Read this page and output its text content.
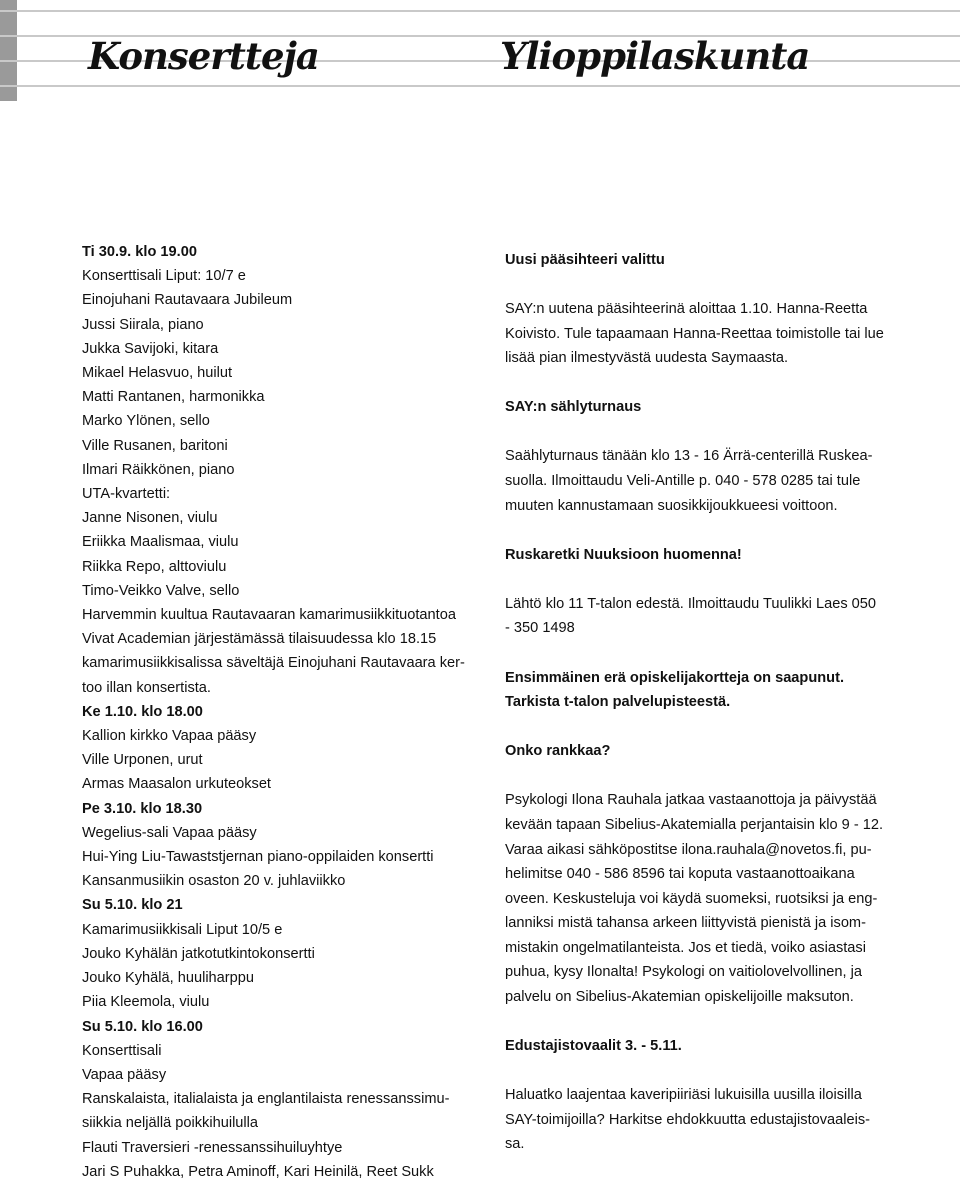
Konsertteja	Ylioppilaskunta
Ti 30.9. klo 19.00
Konserttisali Liput: 10/7 e
Einojuhani Rautavaara Jubileum
Jussi Siirala, piano
Jukka Savijoki, kitara
Mikael Helasvuo, huilut
Matti Rantanen, harmonikka
Marko Ylönen, sello
Ville Rusanen, baritoni
Ilmari Räikkönen, piano
UTA-kvartetti:
Janne Nisonen, viulu
Eriikka Maalismaa, viulu
Riikka Repo, alttoviulu
Timo-Veikko Valve, sello
Harvemmin kuultua Rautavaaran kamarimusiikkituotantoa
Vivat Academian järjestämässä tilaisuudessa klo 18.15
kamarimusiikkisalissa säveltäjä Einojuhani Rautavaara ker-
too illan konsertista.
Ke 1.10. klo 18.00
Kallion kirkko Vapaa pääsy
Ville Urponen, urut
Armas Maasalon urkuteokset
Pe 3.10. klo 18.30
Wegelius-sali Vapaa pääsy
Hui-Ying Liu-Tawaststjernan piano-oppilaiden konsertti
Kansanmusiikin osaston 20 v. juhlaviikko
Su 5.10. klo 21
Kamarimusiikkisali Liput 10/5 e
Jouko Kyhälän jatkotutkintokonsertti
Jouko Kyhälä, huuliharppu
Piia Kleemola, viulu
Su 5.10. klo 16.00
Konserttisali
Vapaa pääsy
Ranskalaista, italialaista ja englantilaista renessanssimu-
siikkia neljällä poikkihuilulla
Flauti Traversieri -renessanssihuiluyhtye
Jari S Puhakka, Petra Aminoff, Kari Heinilä, Reet Sukk
Uusi pääsihteeri valittu
SAY:n uutena pääsihteerinä aloittaa 1.10. Hanna-Reetta
Koivisto. Tule tapaamaan Hanna-Reettaa toimistolle tai lue
lisää pian ilmestyvästä uudesta Saymaasta.
SAY:n sählyturnaus
Saählyturnaus tänään klo 13 - 16 Ärrä-centerillä Ruskea-
suolla. Ilmoittaudu Veli-Antille p. 040 - 578 0285 tai tule
muuten kannustamaan suosikkijoukkueesi voittoon.
Ruskaretki Nuuksioon huomenna!
Lähtö klo 11 T-talon edestä. Ilmoittaudu Tuulikki Laes 050
- 350 1498
Ensimmäinen erä opiskelijakortteja on saapunut.
Tarkista t-talon palvelupisteestä.
Onko rankkaa?
Psykologi Ilona Rauhala jatkaa vastaanottoja ja päivystää
kevään tapaan Sibelius-Akatemialla perjantaisin klo 9 - 12.
Varaa aikasi sähköpostitse ilona.rauhala@novetos.fi, pu-
helimitse 040 - 586 8596 tai koputa vastaanottoaikana
oveen. Keskusteluja voi käydä suomeksi, ruotsiksi ja eng-
lanniksi mistä tahansa arkeen liittyvistä pienistä ja isom-
mistakin ongelmatilanteista. Jos et tiedä, voiko asiastasi
puhua, kysy Ilonalta! Psykologi on vaitiolovelvollinen, ja
palvelu on Sibelius-Akatemian opiskelijoille maksuton.
Edustajistovaalit 3. - 5.11.
Haluatko laajentaa kaveripiiriäsi lukuisilla uusilla iloisilla
SAY-toimijoilla? Harkitse ehdokkuutta edustajistovaaleis-
sa.
